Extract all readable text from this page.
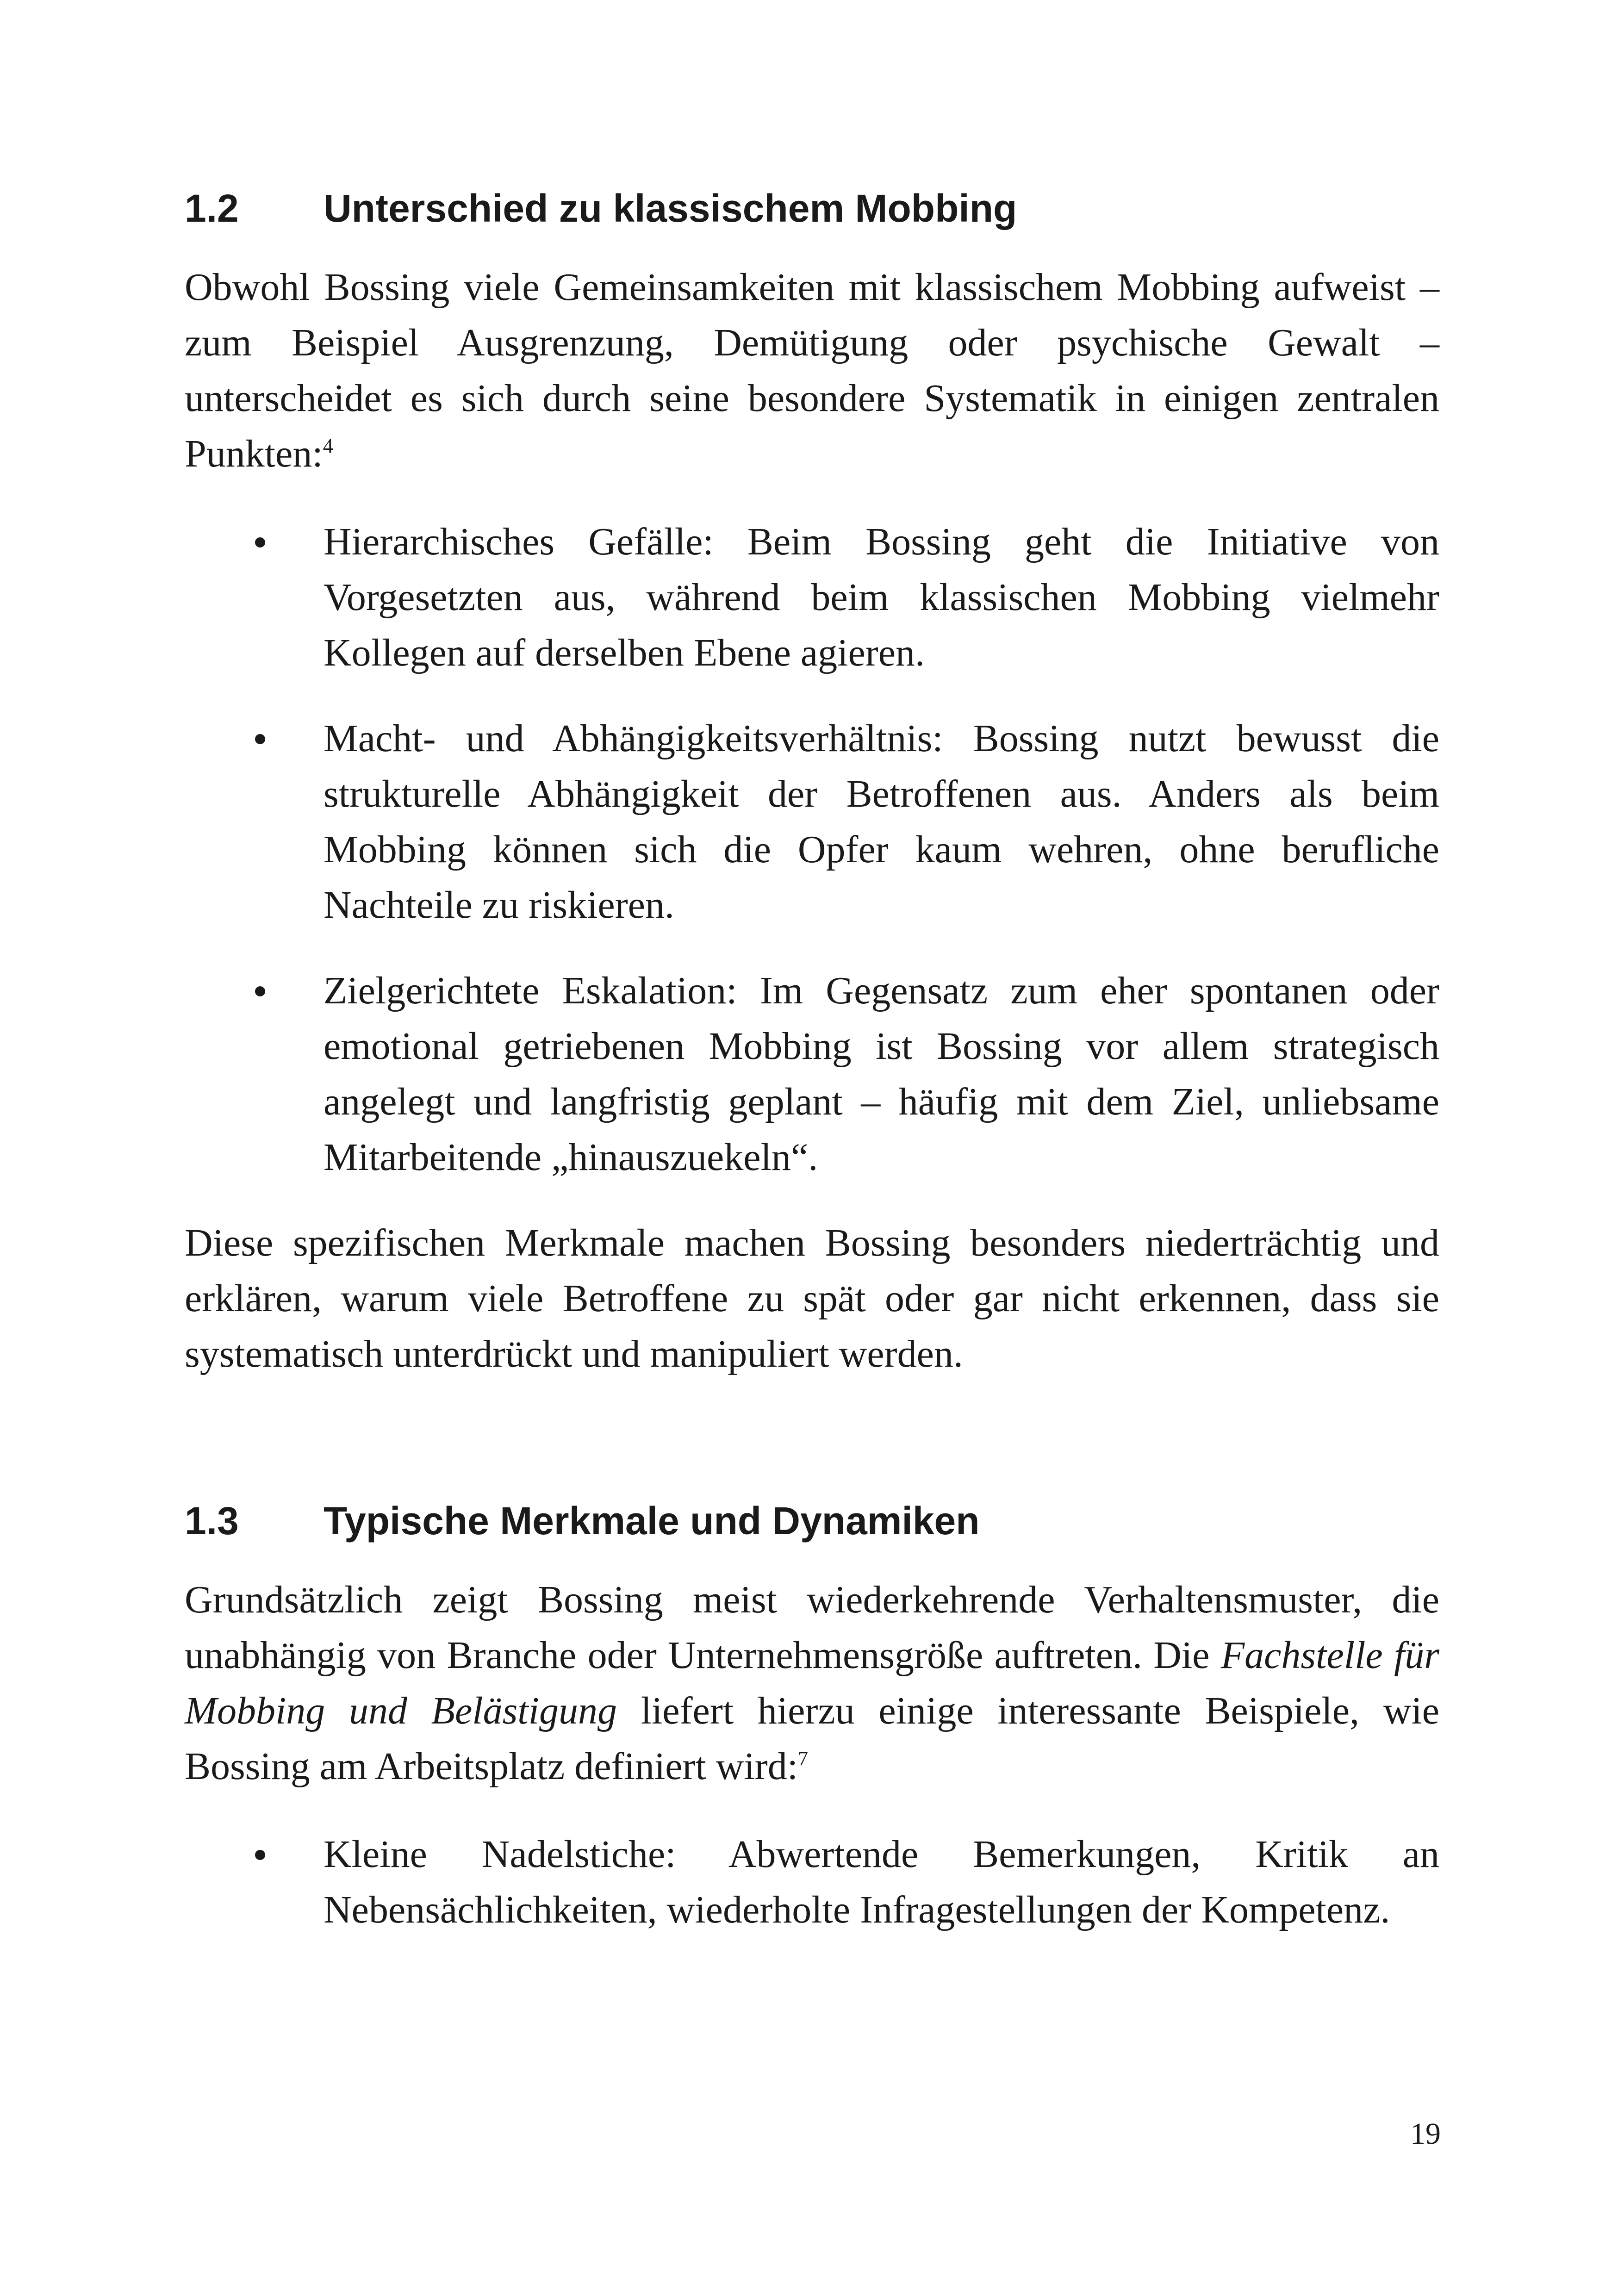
1.2	Unterschied zu klassischem Mobbing

Obwohl Bossing viele Gemeinsamkeiten mit klassischem Mobbing aufweist – zum Beispiel Ausgrenzung, Demütigung oder psychische Gewalt – unterscheidet es sich durch seine besondere Systematik in einigen zentralen Punkten:$^4$

Hierarchisches Gefälle: Beim Bossing geht die Initiative von Vorgesetzten aus, während beim klassischen Mobbing vielmehr Kollegen auf derselben Ebene agieren.
Macht- und Abhängigkeitsverhältnis: Bossing nutzt bewusst die strukturelle Abhängigkeit der Betroffenen aus. Anders als beim Mobbing können sich die Opfer kaum wehren, ohne berufliche Nachteile zu riskieren.
Zielgerichtete Eskalation: Im Gegensatz zum eher spontanen oder emotional getriebenen Mobbing ist Bossing vor allem strategisch angelegt und langfristig geplant – häufig mit dem Ziel, unliebsame Mitarbeitende „hinauszuekeln“.

Diese spezifischen Merkmale machen Bossing besonders niederträchtig und erklären, warum viele Betroffene zu spät oder gar nicht erkennen, dass sie systematisch unterdrückt und manipuliert werden.

1.3	Typische Merkmale und Dynamiken

Grundsätzlich zeigt Bossing meist wiederkehrende Verhaltensmuster, die unabhängig von Branche oder Unternehmensgröße auftreten. Die Fachstelle für Mobbing und Belästigung liefert hierzu einige interessante Beispiele, wie Bossing am Arbeitsplatz definiert wird:$^7$

Kleine Nadelstiche: Abwertende Bemerkungen, Kritik an Nebensächlichkeiten, wiederholte Infragestellungen der Kompetenz.
19
